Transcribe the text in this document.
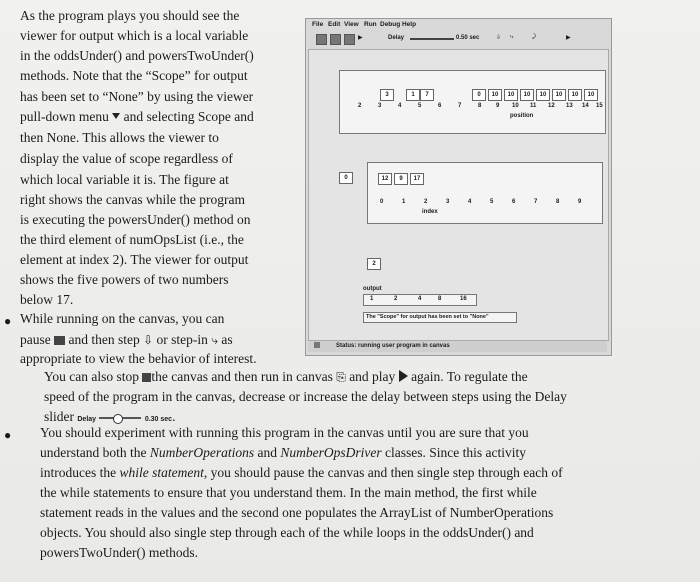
As the program plays you should see the
viewer for output which is a local variable
in the oddsUnder() and powersTwoUnder()
methods. Note that the “Scope” for output
has been set to “None” by using the viewer
pull-down menu and selecting Scope and
then None. This allows the viewer to
display the value of scope regardless of
which local variable it is. The figure at
right shows the canvas while the program
is executing the powersUnder() method on
the third element of numOpsList (i.e., the
element at index 2). The viewer for output
shows the five powers of two numbers
below 17.
● While running on the canvas, you can
pause and then step ⇩ or step-in ⤷ as
appropriate to view the behavior of interest.
You can also stop the canvas and then run in canvas ⎘ and play again. To regulate the
speed of the program in the canvas, decrease or increase the delay between steps using the Delay
slider Delay	0.30 sec.
● You should experiment with running this program in the canvas until you are sure that you
understand both the NumberOperations and NumberOpsDriver classes. Since this activity
introduces the while statement, you should pause the canvas and then single step through each of
the while statements to ensure that you understand them. In the main method, the first while
statement reads in the values and the second one populates the ArrayList of NumberOperations
objects. You should also single step through each of the while loops in the oddsUnder() and
powersTwoUnder() methods.
File Edit View Run Debug Help
▶	Delay	0.50 sec	⇩ ⤷	⤸	▶
3	1	7	0	10	10	10	10	10	10	10
2	3	4	5	6	7	8 9 10 11 12 13 14 15
position
0	12	9	17
0	1	2	3	4	5	6	7	8	9
index
2
output
1	2	4	8	16
The "Scope" for output has been set to "None"
Status: running user program in canvas
